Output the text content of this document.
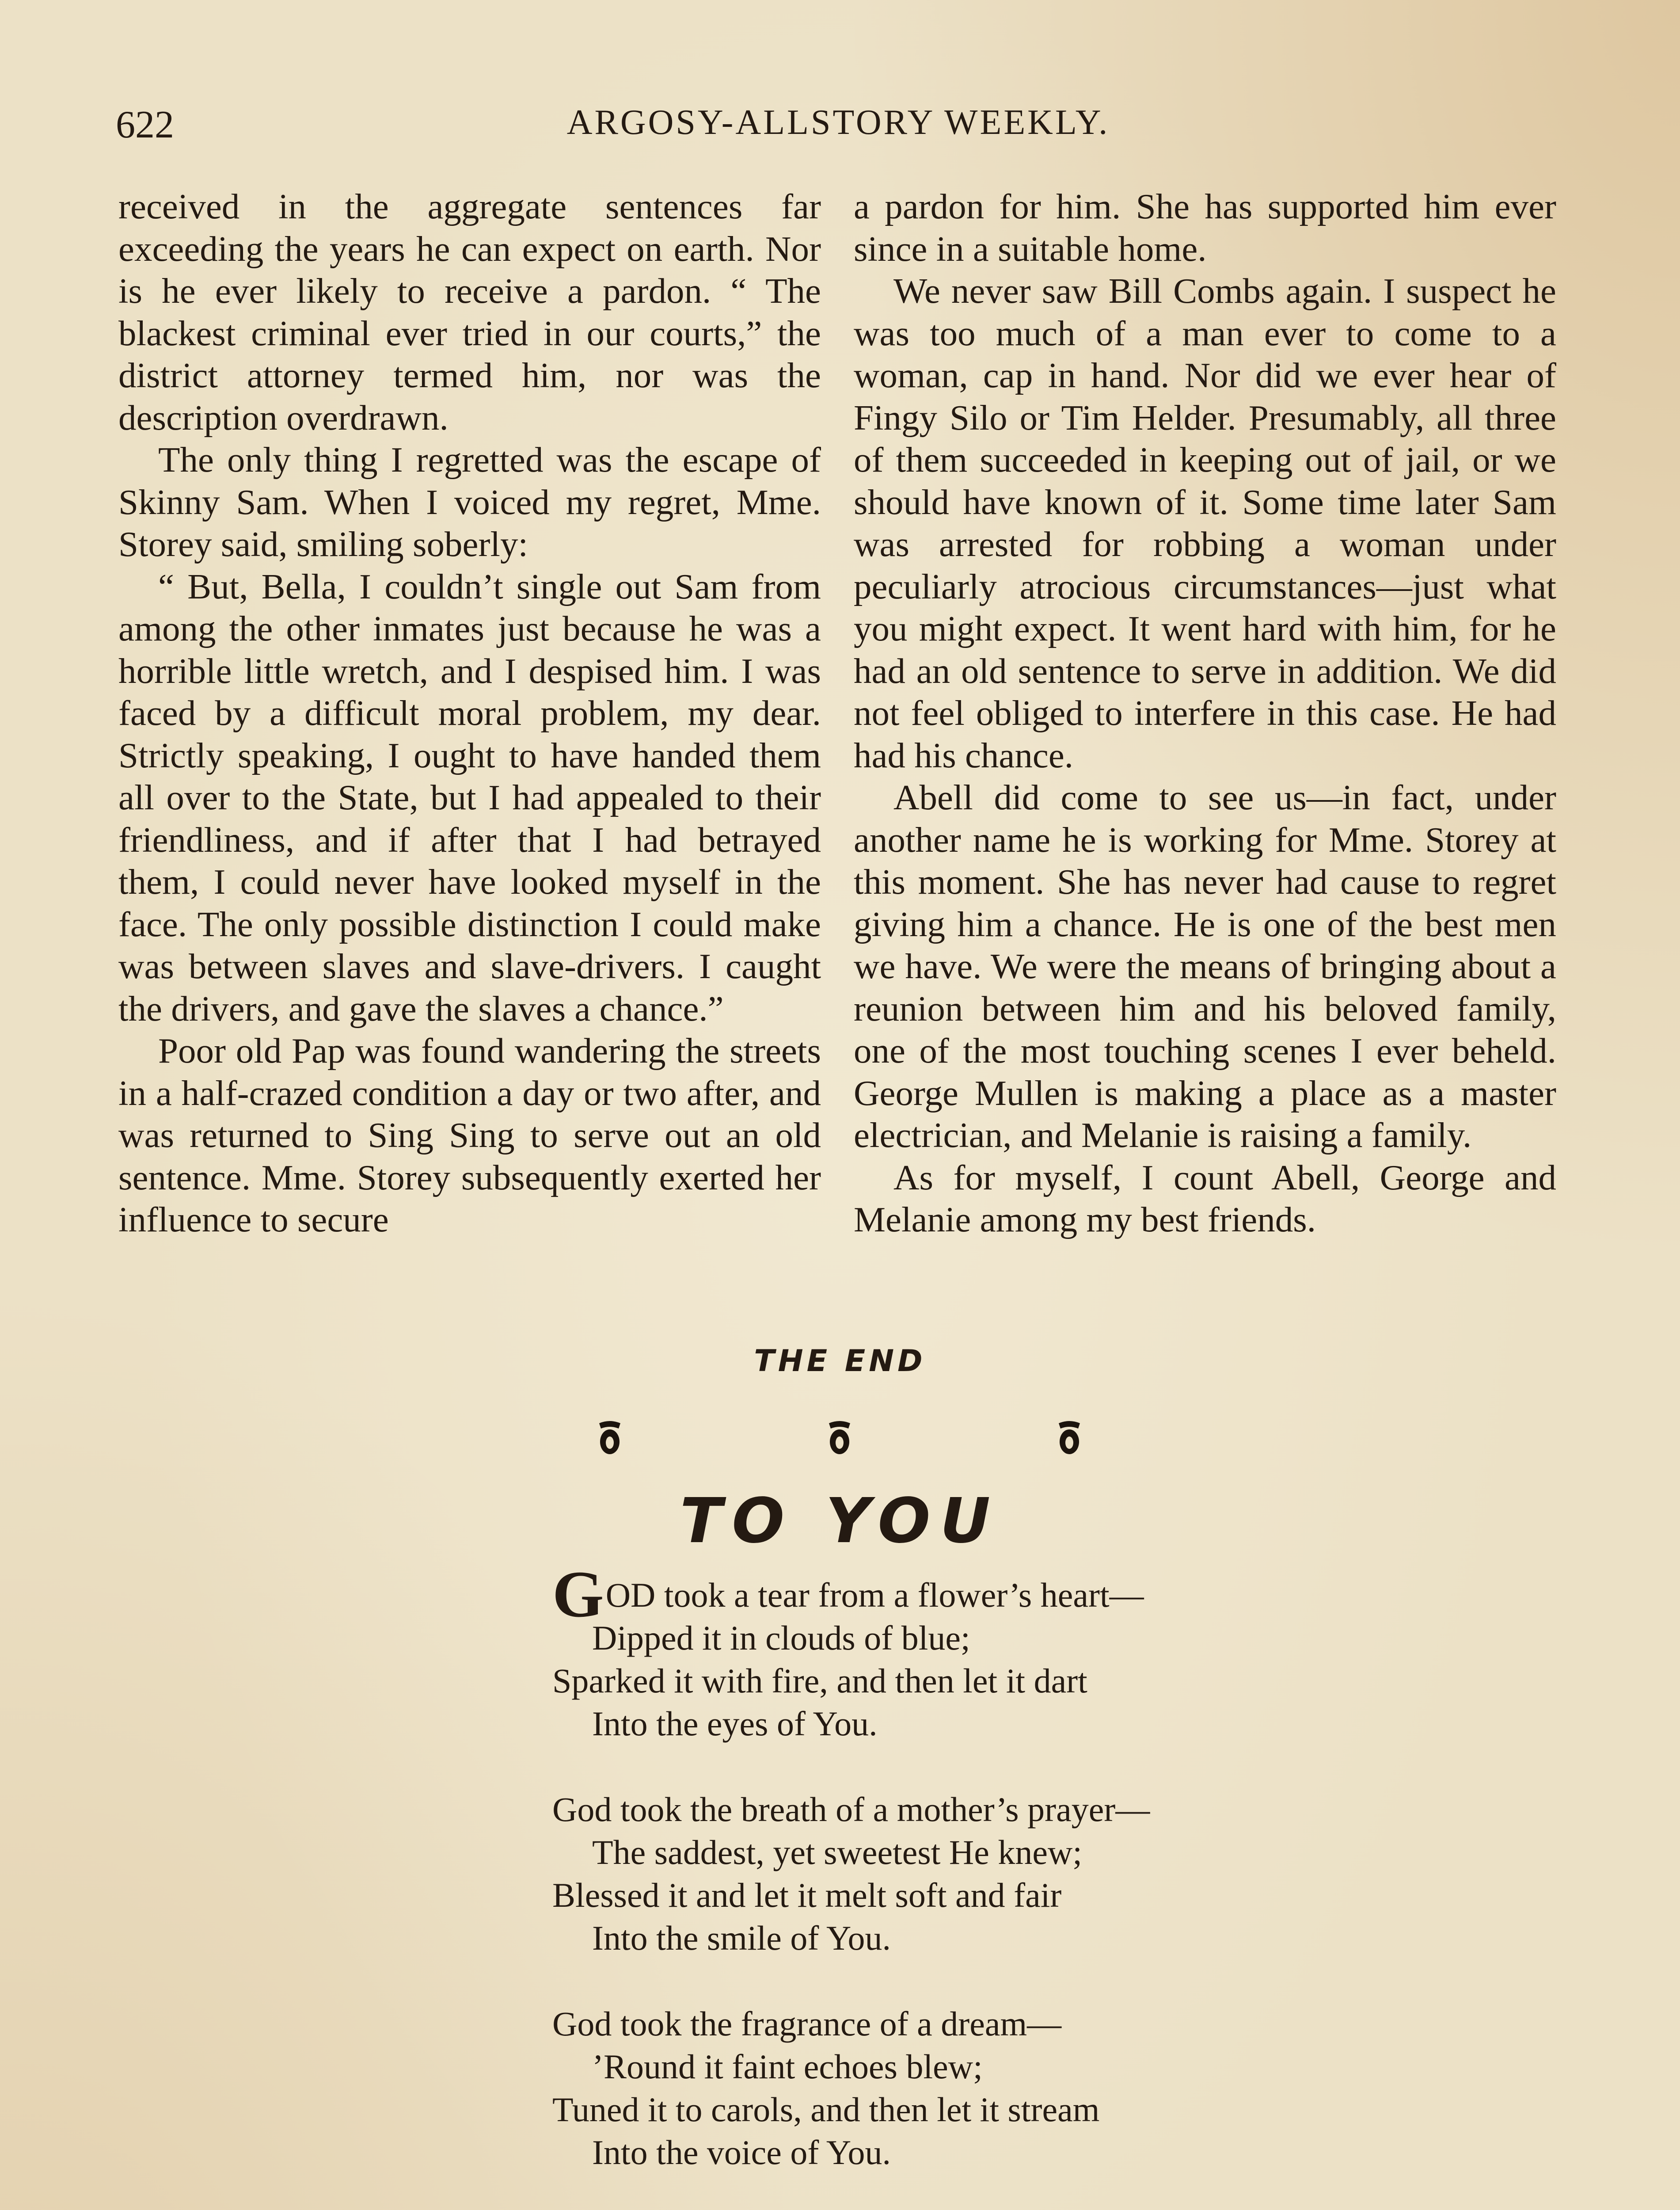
622	ARGOSY-ALLSTORY WEEKLY.

received in the aggregate sentences far exceeding the years he can expect on earth. Nor is he ever likely to receive a pardon. “ The blackest criminal ever tried in our courts,” the district attorney termed him, nor was the description overdrawn.

The only thing I regretted was the escape of Skinny Sam. When I voiced my regret, Mme. Storey said, smiling soberly:

“ But, Bella, I couldn’t single out Sam from among the other inmates just because he was a horrible little wretch, and I despised him. I was faced by a difficult moral problem, my dear. Strictly speaking, I ought to have handed them all over to the State, but I had appealed to their friendliness, and if after that I had betrayed them, I could never have looked myself in the face. The only possible distinction I could make was between slaves and slave-drivers. I caught the drivers, and gave the slaves a chance.”

Poor old Pap was found wandering the streets in a half-crazed condition a day or two after, and was returned to Sing Sing to serve out an old sentence. Mme. Storey subsequently exerted her influence to secure

a pardon for him. She has supported him ever since in a suitable home.

We never saw Bill Combs again. I suspect he was too much of a man ever to come to a woman, cap in hand. Nor did we ever hear of Fingy Silo or Tim Helder. Presumably, all three of them succeeded in keeping out of jail, or we should have known of it. Some time later Sam was arrested for robbing a woman under peculiarly atrocious circumstances—just what you might expect. It went hard with him, for he had an old sentence to serve in addition. We did not feel obliged to interfere in this case. He had had his chance.

Abell did come to see us—in fact, under another name he is working for Mme. Storey at this moment. She has never had cause to regret giving him a chance. He is one of the best men we have. We were the means of bringing about a reunion between him and his beloved family, one of the most touching scenes I ever beheld. George Mullen is making a place as a master electrician, and Melanie is raising a family.

As for myself, I count Abell, George and Melanie among my best friends.

THE END
TO YOU
GOD took a tear from a flower’s heart—
Dipped it in clouds of blue;
Sparked it with fire, and then let it dart
Into the eyes of You.
God took the breath of a mother’s prayer—
The saddest, yet sweetest He knew;
Blessed it and let it melt soft and fair
Into the smile of You.
God took the fragrance of a dream—
’Round it faint echoes blew;
Tuned it to carols, and then let it stream
Into the voice of You.
